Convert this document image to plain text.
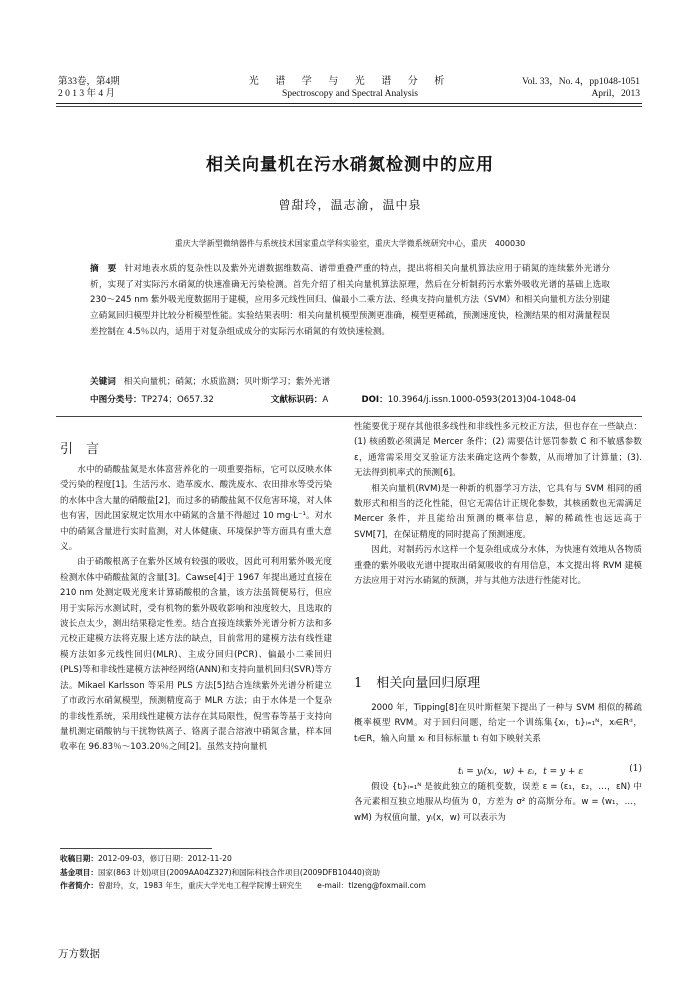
第33卷，第4期
2 0 1 3 年 4 月
光 谱 学 与 光 谱 分 析
Spectroscopy and Spectral Analysis
Vol. 33，No. 4，pp1048-1051
April，2013
相关向量机在污水硝氮检测中的应用
曾甜玲，温志渝，温中泉
重庆大学新型微纳器件与系统技术国家重点学科实验室，重庆大学微系统研究中心，重庆　400030
摘　要 针对地表水质的复杂性以及紫外光谱数据维数高、谱带重叠严重的特点，提出将相关向量机算法应用于硝氮的连续紫外光谱分析，实现了对实际污水硝氮的快速准确无污染检测。首先介绍了相关向量机算法原理，然后在分析制药污水紫外吸收光谱的基础上选取 230～245 nm 紫外吸光度数据用于建模，应用多元线性回归、偏最小二乘方法、经典支持向量机方法（SVM）和相关向量机方法分别建立硝氮回归模型并比较分析模型性能。实验结果表明：相关向量机模型预测更准确，模型更稀疏，预测速度快，检测结果的相对满量程误差控制在 4.5％以内，适用于对复杂组成成分的实际污水硝氮的有效快速检测。
关键词 相关向量机；硝氮；水质监测；贝叶斯学习；紫外光谱
中图分类号：TP274；O657.32	文献标识码：A	DOI：10.3964/j.issn.1000-0593(2013)04-1048-04
引　言

水中的硝酸盐氮是水体富营养化的一项重要指标，它可以反映水体受污染的程度[1]。生活污水、造革废水、酸洗废水、农田排水等受污染的水体中含大量的硝酸盐[2]，而过多的硝酸盐氮不仅危害环境，对人体也有害，因此国家规定饮用水中硝氮的含量不得超过 10 mg·L⁻¹。对水中的硝氮含量进行实时监测，对人体健康、环境保护等方面具有重大意义。

由于硝酸根离子在紫外区域有较强的吸收，因此可利用紫外吸光度检测水体中硝酸盐氮的含量[3]。Cawse[4]于 1967 年提出通过直接在 210 nm 处测定吸光度来计算硝酸根的含量，该方法虽简便易行，但应用于实际污水测试时，受有机物的紫外吸收影响和浊度较大，且选取的波长点太少，测出结果稳定性差。结合直接连续紫外光谱分析方法和多元校正建模方法将克服上述方法的缺点，目前常用的建模方法有线性建模方法如多元线性回归(MLR)、主成分回归(PCR)、偏最小二乘回归(PLS)等和非线性建模方法神经网络(ANN)和支持向量机回归(SVR)等方法。Mikael Karlsson 等采用 PLS 方法[5]结合连续紫外光谱分析建立了市政污水硝氮模型，预测精度高于 MLR 方法；由于水体是一个复杂的非线性系统，采用线性建模方法存在其局限性，倪雪春等基于支持向量机测定硝酸钠与干扰物铁离子、铬离子混合溶液中硝氮含量，样本回收率在 96.83％～103.20％之间[2]。虽然支持向量机

性能要优于现存其他很多线性和非线性多元校正方法，但也存在一些缺点：(1) 核函数必须满足 Mercer 条件；(2) 需要估计惩罚参数 C 和不敏感参数 ε，通常需采用交叉验证方法来确定这两个参数，从而增加了计算量；(3). 无法得到机率式的预测[6]。

相关向量机(RVM)是一种新的机器学习方法，它具有与 SVM 相同的函数形式和相当的泛化性能，但它无需估计正规化参数，其核函数也无需满足 Mercer 条件，并且能给出预测的概率信息，解的稀疏性也远远高于 SVM[7]，在保证精度的同时提高了预测速度。

因此，对制药污水这样一个复杂组成成分水体，为快速有效地从各物质重叠的紫外吸收光谱中提取出硝氮吸收的有用信息，本文提出将 RVM 建模方法应用于对污水硝氮的预测，并与其他方法进行性能对比。

1 相关向量回归原理

2000 年，Tipping[8]在贝叶斯框架下提出了一种与 SVM 相似的稀疏概率模型 RVM。对于回归问题，给定一个训练集{xᵢ，tᵢ}ᵢ₌₁ᴺ，xᵢ∈Rᵈ，tᵢ∈R，输入向量 xᵢ 和目标标量 tᵢ 有如下映射关系

tᵢ = yᵢ(xᵢ，w) + εᵢ，t = y + ε	(1)

假设 {tᵢ}ᵢ₌₁ᴺ 是彼此独立的随机变数，误差 ε = (ε₁，ε₂，…，εN) 中各元素相互独立地服从均值为 0，方差为 σ² 的高斯分布。w = (w₁，…，wM) 为权值向量，yᵢ(x，w) 可以表示为

收稿日期：2012-09-03，修订日期：2012-11-20
基金项目：国家(863 计划)项目(2009AA04Z327)和国际科技合作项目(2009DFB10440)资助
作者简介：曾甜玲，女，1983 年生，重庆大学光电工程学院博士研究生　　e-mail：tlzeng@foxmail.com
万方数据
